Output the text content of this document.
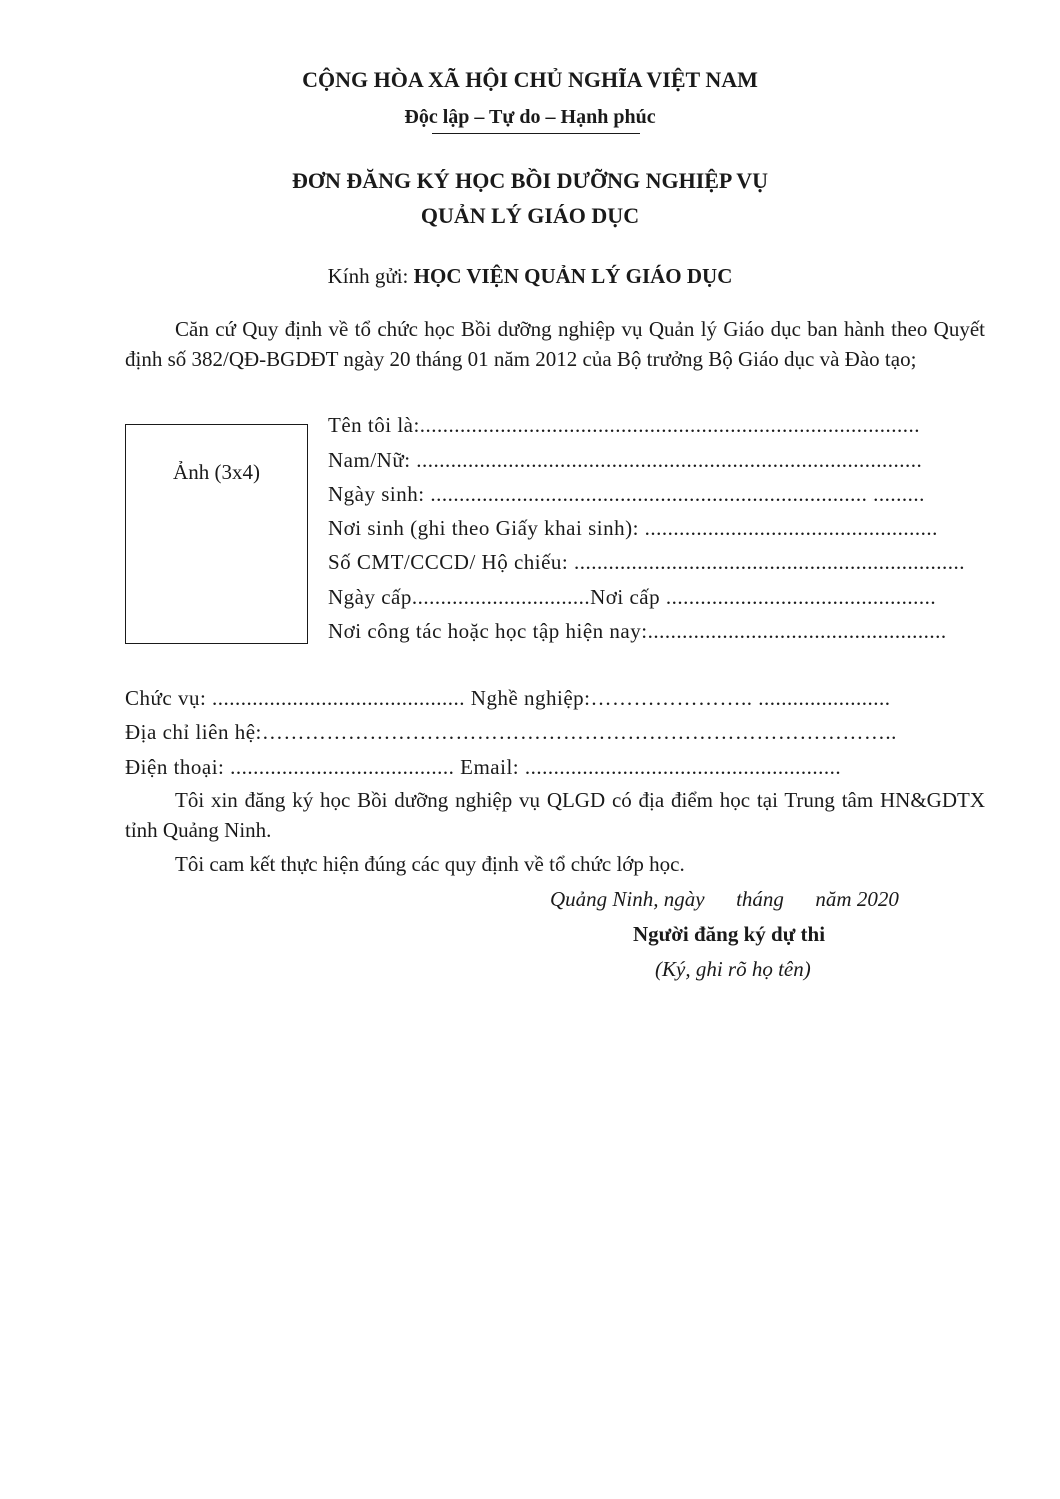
CỘNG HÒA XÃ HỘI CHỦ NGHĨA VIỆT NAM
Độc lập – Tự do – Hạnh phúc
ĐƠN ĐĂNG KÝ HỌC BỒI DƯỠNG NGHIỆP VỤ
QUẢN LÝ GIÁO DỤC
Kính gửi: HỌC VIỆN QUẢN LÝ GIÁO DỤC
Căn cứ Quy định về tổ chức học Bồi dưỡng nghiệp vụ Quản lý Giáo dục ban hành theo Quyết định số 382/QĐ-BGDĐT ngày 20 tháng 01 năm 2012 của Bộ trưởng Bộ Giáo dục và Đào tạo;
Ảnh (3x4)
Tên tôi là:.......................................................................................
Nam/Nữ: ........................................................................................
Ngày sinh: ............................................................................ .........
Nơi sinh (ghi theo Giấy khai sinh): ...................................................
Số CMT/CCCD/ Hộ chiếu: ....................................................................
Ngày cấp...............................Nơi cấp ...............................................
Nơi công tác hoặc học tập hiện nay:....................................................
Chức vụ: ............................................ Nghề nghiệp:………………….. .......................
Địa chỉ liên hệ:……………………………………………………………………………..
Điện thoại: ....................................... Email: .......................................................
Tôi xin đăng ký học Bồi dưỡng nghiệp vụ QLGD có địa điểm học tại Trung tâm HN&GDTX tỉnh Quảng Ninh.
Tôi cam kết thực hiện đúng các quy định về tổ chức lớp học.
Quảng Ninh, ngày      tháng      năm 2020
Người đăng ký dự thi
(Ký, ghi rõ họ tên)
